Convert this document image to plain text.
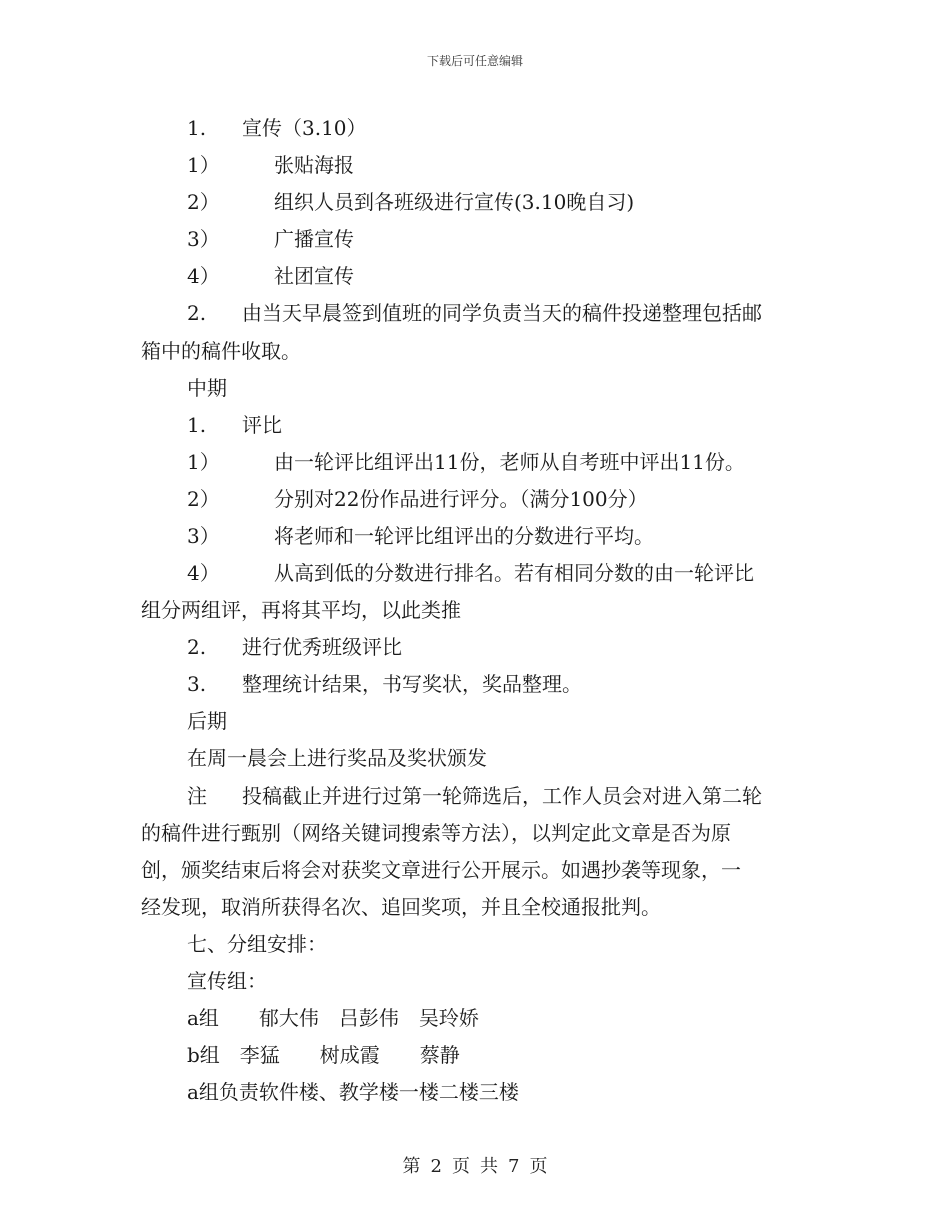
下载后可任意编辑
1. 宣传（3.10）
1）	张贴海报
2）	组织人员到各班级进行宣传(3.10晚自习)
3）	广播宣传
4）	社团宣传
2. 由当天早晨签到值班的同学负责当天的稿件投递整理包括邮
箱中的稿件收取。
中期
1. 评比
1）	由一轮评比组评出11份，老师从自考班中评出11份。
2）	分别对22份作品进行评分。（满分100分）
3）	将老师和一轮评比组评出的分数进行平均。
4）	从高到低的分数进行排名。若有相同分数的由一轮评比
组分两组评，再将其平均，以此类推
2. 进行优秀班级评比
3. 整理统计结果，书写奖状，奖品整理。
后期
在周一晨会上进行奖品及奖状颁发
注 投稿截止并进行过第一轮筛选后，工作人员会对进入第二轮
的稿件进行甄别（网络关键词搜索等方法），以判定此文章是否为原
创，颁奖结束后将会对获奖文章进行公开展示。如遇抄袭等现象，一
经发现，取消所获得名次、追回奖项，并且全校通报批判。
七、分组安排：
宣传组：
a组　　郁大伟　吕彭伟　吴玲娇
b组　李猛　　树成霞　　蔡静
a组负责软件楼、教学楼一楼二楼三楼
第 2 页 共 7 页
